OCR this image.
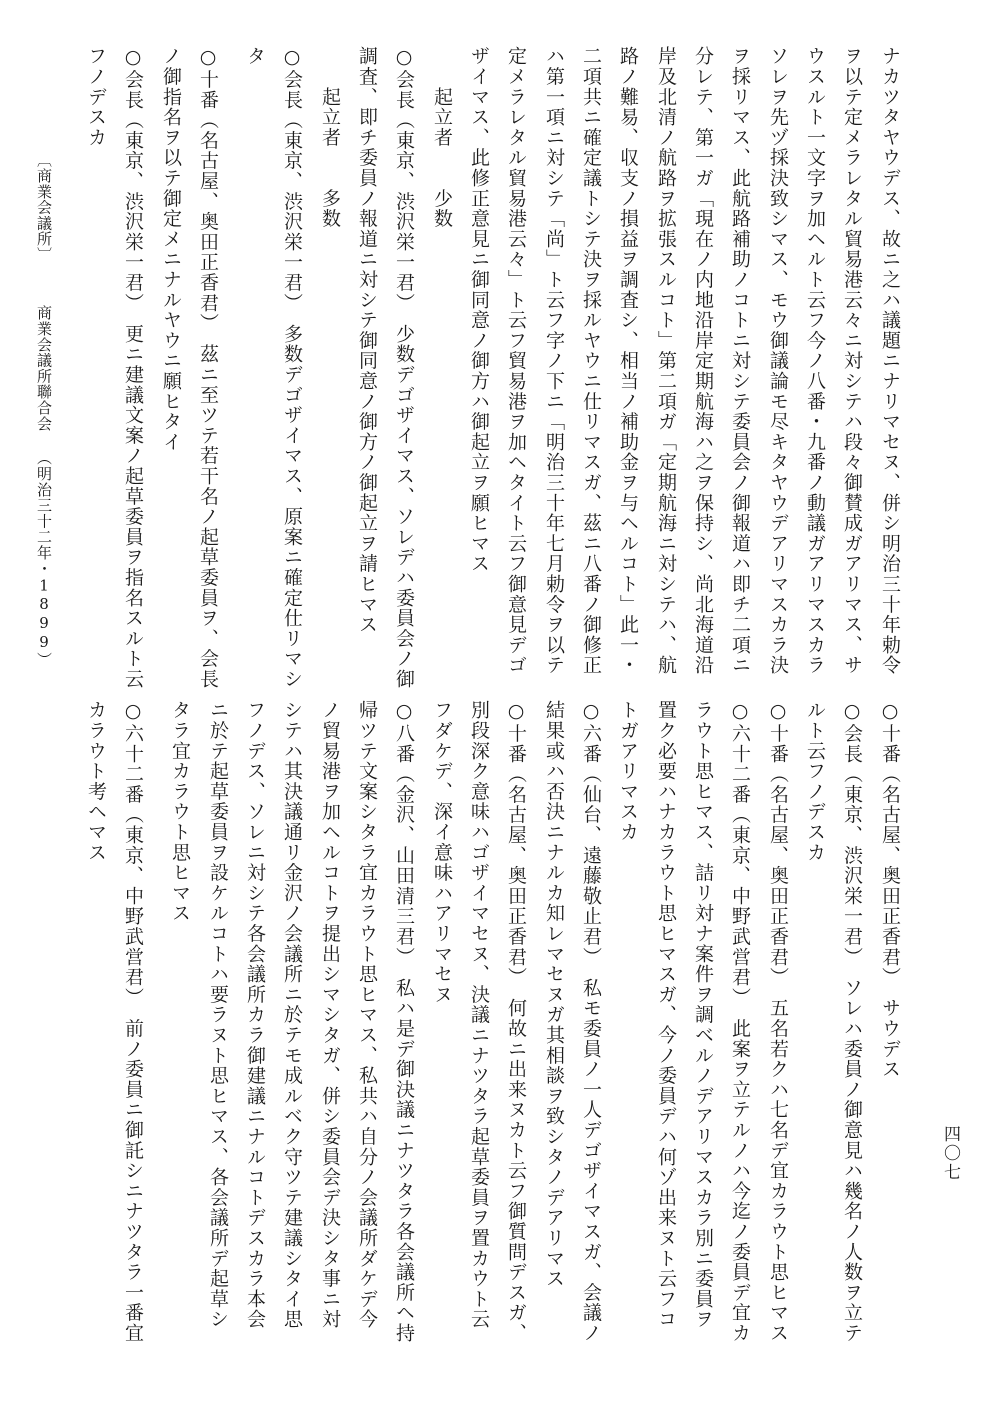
〔商業会議所〕
商業会議所聯合会
（明治三十二年・1899）
四〇七
ナカツタヤウデス、故ニ之ハ議題ニナリマセヌ、併シ明治三十年勅令
ヲ以テ定メラレタル貿易港云々ニ対シテハ段々御賛成ガアリマス、サ
ウスルト一文字ヲ加ヘルト云フ今ノ八番・九番ノ動議ガアリマスカラ
ソレヲ先ヅ採決致シマス、モウ御議論モ尽キタヤウデアリマスカラ決
ヲ採リマス、此航路補助ノコトニ対シテ委員会ノ御報道ハ即チ二項ニ
分レテ、第一ガ「現在ノ内地沿岸定期航海ハ之ヲ保持シ、尚北海道沿
岸及北清ノ航路ヲ拡張スルコト」第二項ガ「定期航海ニ対シテハ、航
路ノ難易、収支ノ損益ヲ調査シ、相当ノ補助金ヲ与ヘルコト」此一・
二項共ニ確定議トシテ決ヲ採ルヤウニ仕リマスガ、茲ニ八番ノ御修正
ハ第一項ニ対シテ「尚」ト云フ字ノ下ニ「明治三十年七月勅令ヲ以テ
定メラレタル貿易港云々」ト云フ貿易港ヲ加ヘタイト云フ御意見デゴ
ザイマス、此修正意見ニ御同意ノ御方ハ御起立ヲ願ヒマス
　　起立者　　少数
○会長（東京、渋沢栄一君）　少数デゴザイマス、ソレデハ委員会ノ御
調査、即チ委員ノ報道ニ対シテ御同意ノ御方ノ御起立ヲ請ヒマス
　　起立者　　多数
○会長（東京、渋沢栄一君）　多数デゴザイマス、原案ニ確定仕リマシ
タ
○十番（名古屋、奥田正香君）　茲ニ至ツテ若干名ノ起草委員ヲ、会長
ノ御指名ヲ以テ御定メニナルヤウニ願ヒタイ
○会長（東京、渋沢栄一君）　更ニ建議文案ノ起草委員ヲ指名スルト云
フノデスカ
○十番（名古屋、奥田正香君）　サウデス
○会長（東京、渋沢栄一君）　ソレハ委員ノ御意見ハ幾名ノ人数ヲ立テ
ルト云フノデスカ
○十番（名古屋、奥田正香君）　五名若クハ七名デ宜カラウト思ヒマス
○六十二番（東京、中野武営君）　此案ヲ立テルノハ今迄ノ委員デ宜カ
ラウト思ヒマス、詰リ対ナ案件ヲ調ベルノデアリマスカラ別ニ委員ヲ
置ク必要ハナカラウト思ヒマスガ、今ノ委員デハ何ゾ出来ヌト云フコ
トガアリマスカ
○六番（仙台、遠藤敬止君）　私モ委員ノ一人デゴザイマスガ、会議ノ
結果或ハ否決ニナルカ知レマセヌガ其相談ヲ致シタノデアリマス
○十番（名古屋、奥田正香君）　何故ニ出来ヌカト云フ御質問デスガ、
別段深ク意味ハゴザイマセヌ、決議ニナツタラ起草委員ヲ置カウト云
フダケデ、深イ意味ハアリマセヌ
○八番（金沢、山田清三君）　私ハ是デ御決議ニナツタラ各会議所ヘ持
帰ツテ文案シタラ宜カラウト思ヒマス、私共ハ自分ノ会議所ダケデ今
ノ貿易港ヲ加ヘルコトヲ提出シマシタガ、併シ委員会デ決シタ事ニ対
シテハ其決議通リ金沢ノ会議所ニ於テモ成ルベク守ツテ建議シタイ思
フノデス、ソレニ対シテ各会議所カラ御建議ニナルコトデスカラ本会
ニ於テ起草委員ヲ設ケルコトハ要ラヌト思ヒマス、各会議所デ起草シ
タラ宜カラウト思ヒマス
○六十二番（東京、中野武営君）　前ノ委員ニ御託シニナツタラ一番宜
カラウト考ヘマス
